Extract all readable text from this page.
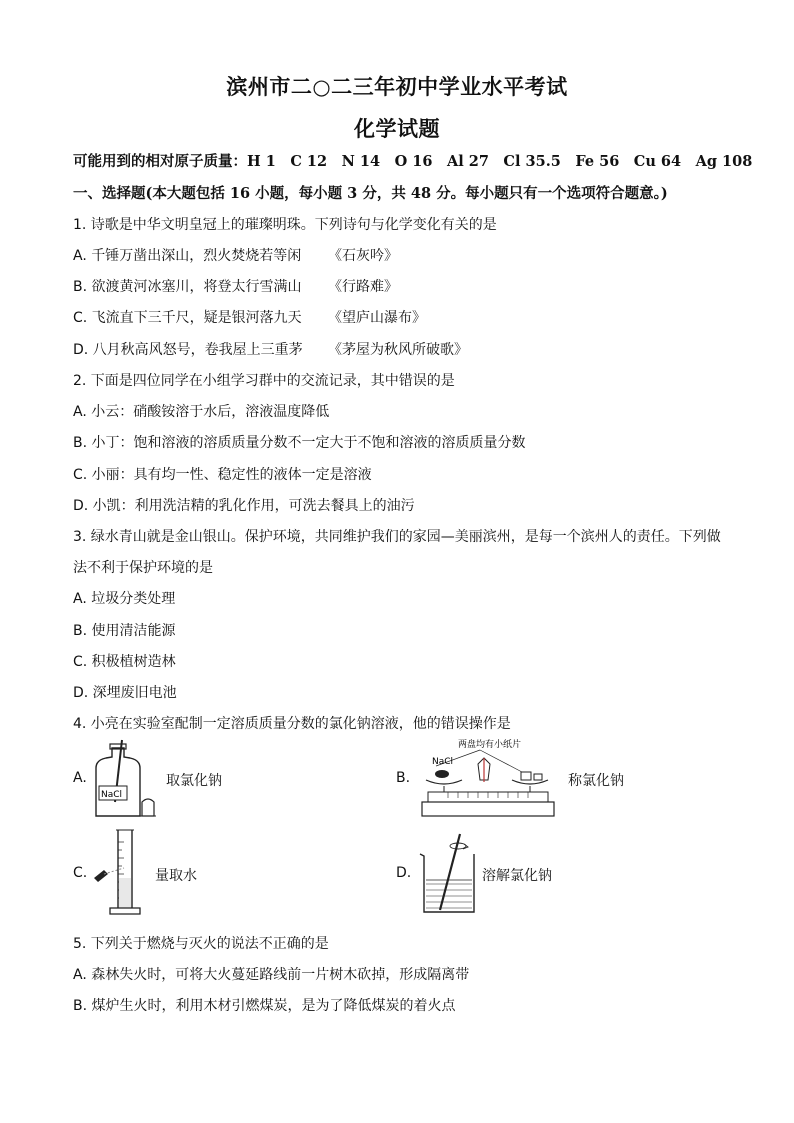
滨州市二○二三年初中学业水平考试
化学试题
可能用到的相对原子质量：H 1　C 12　N 14　O 16　Al 27　Cl 35.5　Fe 56　Cu 64　Ag 108
一、选择题(本大题包括 16 小题，每小题 3 分，共 48 分。每小题只有一个选项符合题意。)
1. 诗歌是中华文明皇冠上的璀璨明珠。下列诗句与化学变化有关的是
A. 千锤万凿出深山，烈火焚烧若等闲 《石灰吟》
B. 欲渡黄河冰塞川，将登太行雪满山 《行路难》
C. 飞流直下三千尺，疑是银河落九天 《望庐山瀑布》
D. 八月秋高风怒号，卷我屋上三重茅 《茅屋为秋风所破歌》
2. 下面是四位同学在小组学习群中的交流记录，其中错误的是
A. 小云：硝酸铵溶于水后，溶液温度降低
B. 小丁：饱和溶液的溶质质量分数不一定大于不饱和溶液的溶质质量分数
C. 小丽：具有均一性、稳定性的液体一定是溶液
D. 小凯：利用洗洁精的乳化作用，可洗去餐具上的油污
3. 绿水青山就是金山银山。保护环境，共同维护我们的家园—美丽滨州，是每一个滨州人的责任。下列做
法不利于保护环境的是
A. 垃圾分类处理
B. 使用清洁能源
C. 积极植树造林
D. 深埋废旧电池
4. 小亮在实验室配制一定溶质质量分数的氯化钠溶液，他的错误操作是
A.
NaCl
取氯化钠	B.
两盘均有小纸片
NaCl
称氯化钠
C.	量取水	D.	溶解氯化钠
5. 下列关于燃烧与灭火的说法不正确的是
A. 森林失火时，可将大火蔓延路线前一片树木砍掉，形成隔离带
B. 煤炉生火时，利用木材引燃煤炭，是为了降低煤炭的着火点
